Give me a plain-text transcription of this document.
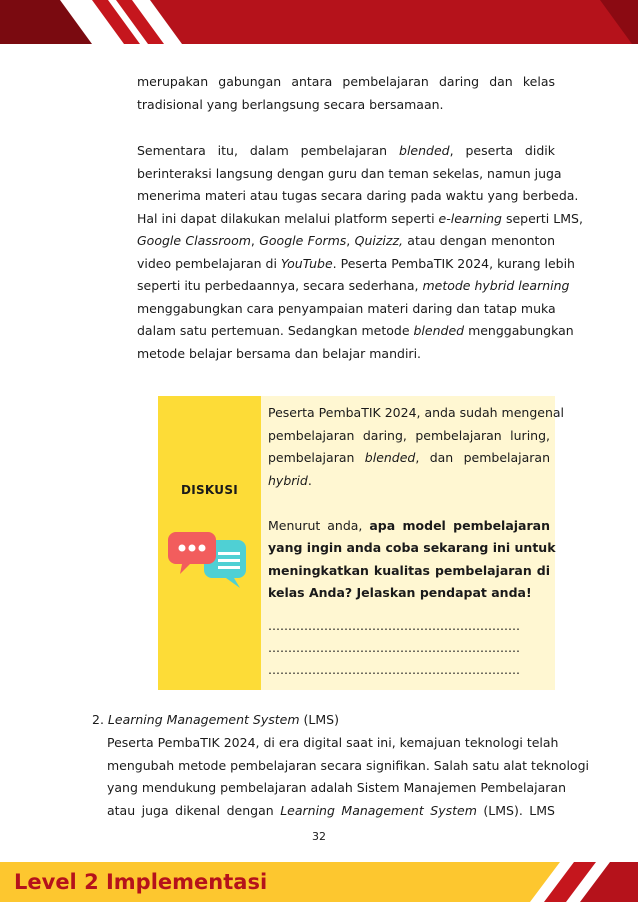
merupakan gabungan antara pembelajaran daring dan kelas
tradisional yang berlangsung secara bersamaan.
Sementara itu, dalam pembelajaran blended, peserta didik
berinteraksi langsung dengan guru dan teman sekelas, namun juga
menerima materi atau tugas secara daring pada waktu yang berbeda.
Hal ini dapat dilakukan melalui platform seperti e-learning seperti LMS,
Google Classroom, Google Forms, Quizizz, atau dengan menonton
video pembelajaran di YouTube. Peserta PembaTIK 2024, kurang lebih
seperti itu perbedaannya, secara sederhana, metode hybrid learning
menggabungkan cara penyampaian materi daring dan tatap muka
dalam satu pertemuan. Sedangkan metode blended menggabungkan
metode belajar bersama dan belajar mandiri.
DISKUSI
Peserta PembaTIK 2024, anda sudah mengenal
pembelajaran daring, pembelajaran luring,
pembelajaran blended, dan pembelajaran
hybrid.
Menurut anda, apa model pembelajaran
yang ingin anda coba sekarang ini untuk
meningkatkan kualitas pembelajaran di
kelas Anda? Jelaskan pendapat anda!
………………………………………………………
………………………………………………………
………………………………………………………
2. Learning Management System (LMS)
Peserta PembaTIK 2024, di era digital saat ini, kemajuan teknologi telah
mengubah metode pembelajaran secara signifikan. Salah satu alat teknologi
yang mendukung pembelajaran adalah Sistem Manajemen Pembelajaran
atau juga dikenal dengan Learning Management System (LMS). LMS
32
Level 2 Implementasi
